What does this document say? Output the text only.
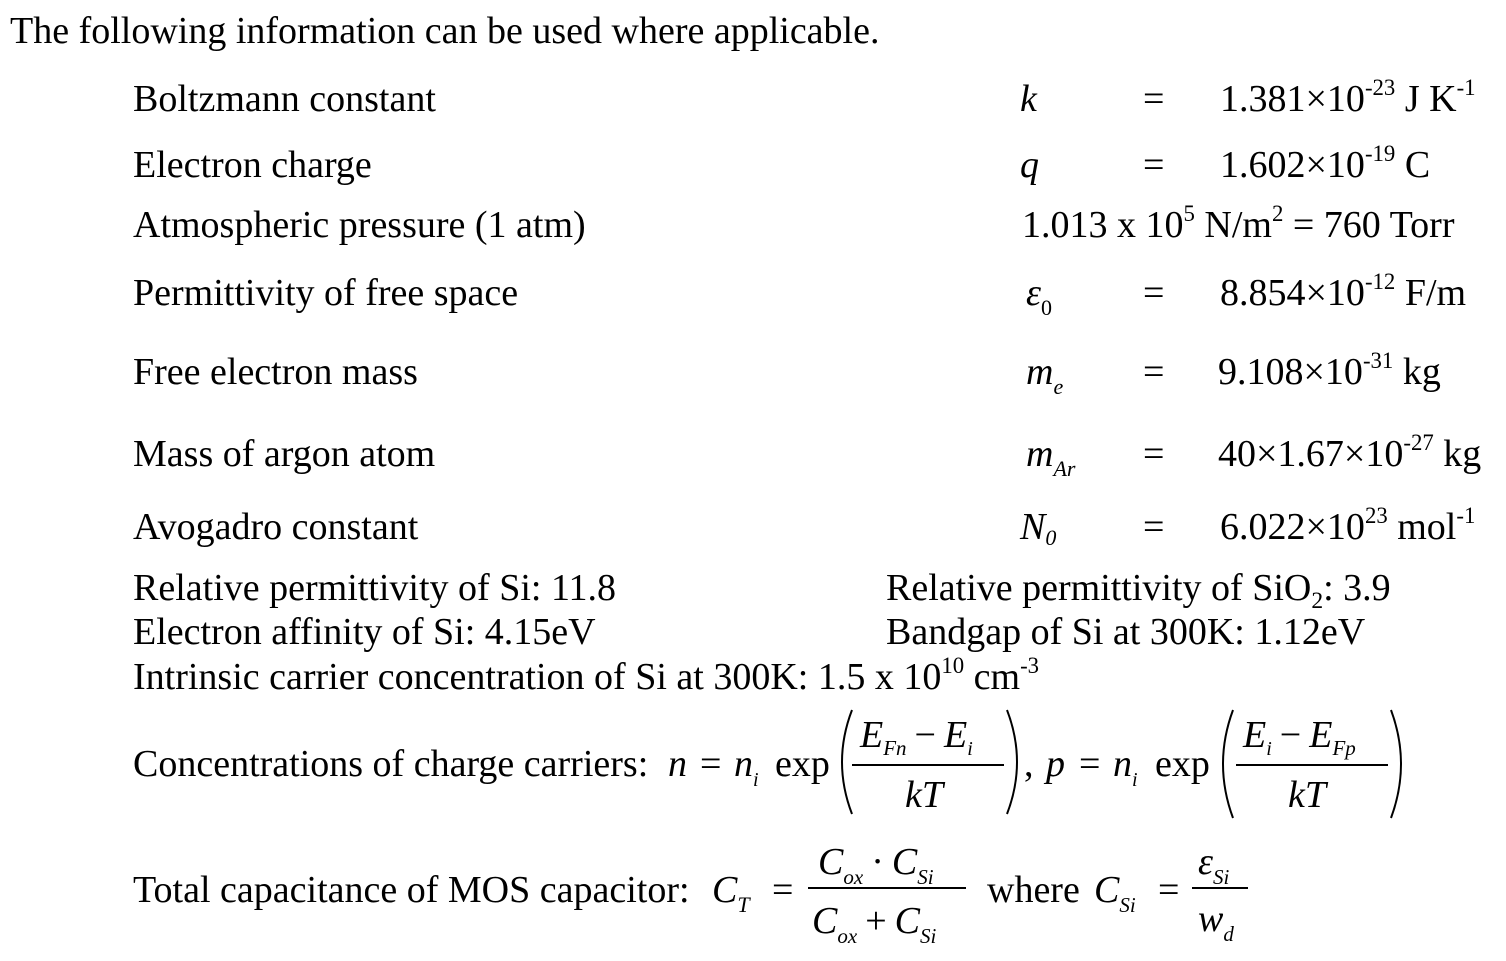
The following information can be used where applicable.
Boltzmann constant	k	= $1.381\times 10^{-23}$ J $K^{-1}$
Electron charge	q	= $1.602\times 10^{-19}$ C
Atmospheric pressure (1 atm)	1.013 x $10^5$ $N/m^2 = 760$ Torr
Permittivity of free space	$\varepsilon_0 = 8.854\times 10^{-12}$ F/m
Free electron mass	$m_e = 9.108\times 10^{-31}$ kg
Mass of argon atom	$m_{Ar} = 40\times 1.67\times 10^{-27}$ kg
Avogadro constant	$N0 = 6.022\times 10^{23}$ mol$^{-1}$
Relative permittivity of Si: 11.8	Relative permittivity of SiO$_2$: 3.9
Electron affinity of Si: 4.15eV	Bandgap of Si at 300K: 1.12eV
Intrinsic carrier concentration of Si at 300K: 1.5 x $10^{10}$ $cm^{-3}$
Concentrations of charge carriers: $n = n_i$ exp
$E_{Fn} - E_i$
kT
, $p = n_i$ exp
$E_i - E_{Fp}$
kT
Total capacitance of MOS capacitor: $C_T$ =
$C_{ox} \cdot C_{Si}$
$C_{ox} + C_{Si}$
where $C_{Si}$ =
$\varepsilon_{Si}$
$w_d$
